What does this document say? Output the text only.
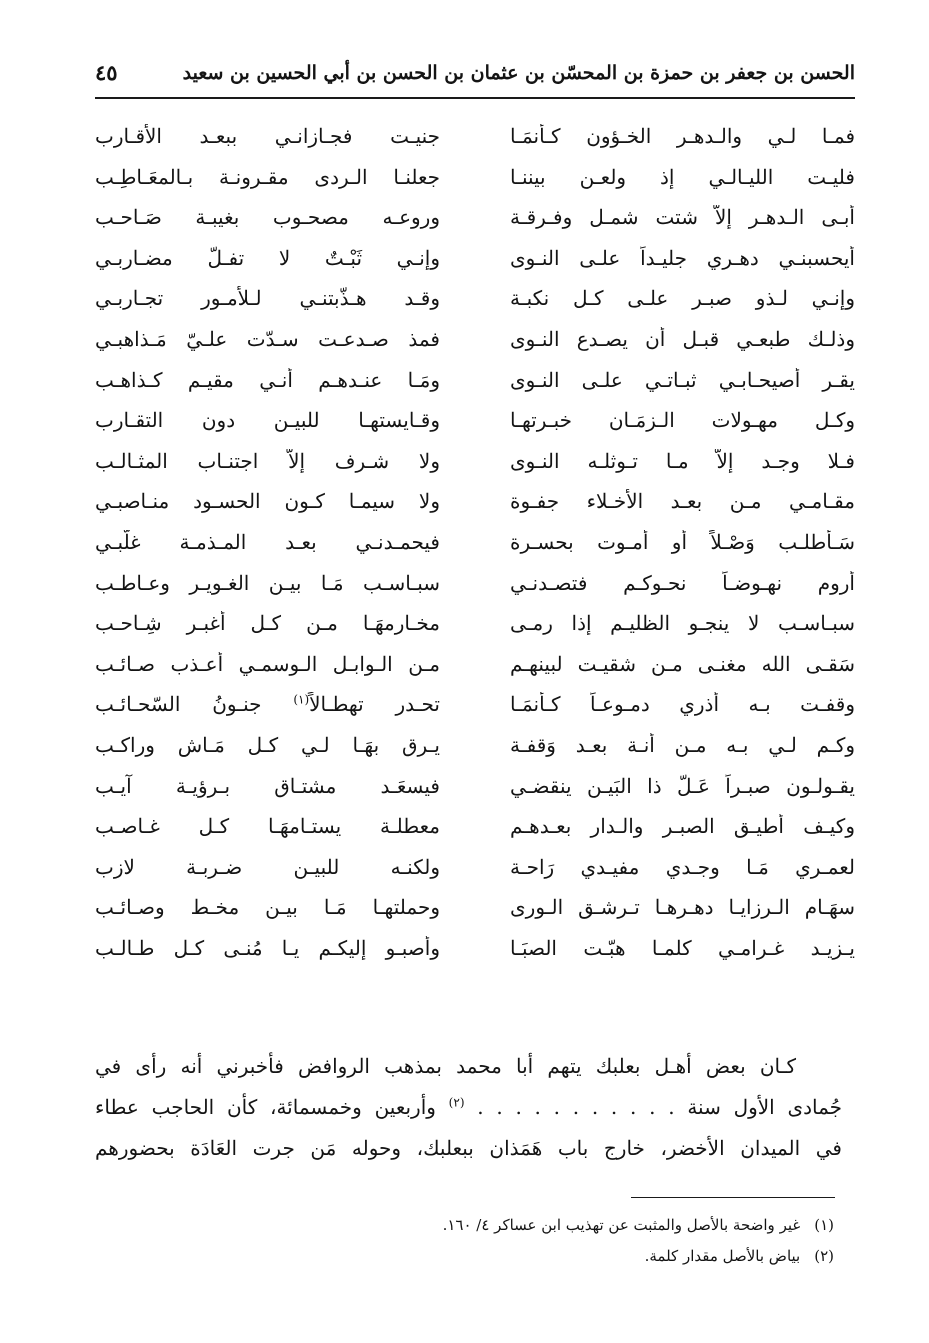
الحسن بن جعفر بن حمزة بن المحسّن بن عثمان بن الحسن بن أبي الحسين بن سعيد
٤٥
فمـا لـي والـدهـر الخـؤون كـأنمَـا
جنيـت فجـازانـي ببعـد الأقـارب
فليـت الليـالـي إذ ولعـن بيننـا
جعلنـا الـردى مقـرونـة بـالمعَـاطِـب
أبـى الـدهـر إلاّ شتت شمـل وفـرقـة
وروعـه مصحـوب بغيبـة صَـاحـب
أيحسبنـي دهـري جليـداً علـى النـوى
وإنـي ثَبْـتٌ لا تفـلّ مضـاربـي
وإنـي لـذو صبـر علـى كـل نكبـة
وقـد هـذّبتنـي لـلأمـور تجـاربـي
وذلـك طبعـي قبـل أن يصـدع النـوى
فمذ صـدعـت سـدّت علـيّ مَـذاهبـي
يقـر أصيحـابـي ثبـاتـي علـى النـوى
ومَـا عنـدهـم أنـي مقيـم كـذاهـب
وكـل مهـولات الـزمَـان خبـرتهـا
وقـايستهـا للبيـن دون التقـارب
فـلا وجـد إلاّ مـا تـوثلـه النـوى
ولا شـرف إلاّ اجتنـاب المثـالـب
مقـامـي مـن بعـد الأخـلاء جفـوة
ولا سيمـا كـون الحسـود منـاصبـي
سَـأطلـب وَصْـلاً أو أمـوت بحسـرة
فيحمـدنـي بعـد المـذمـة غلّبـي
أروم نهـوضـاً نحـوكـم فتصـدنـي
سبـاسـب مَـا بيـن الغـويـر وعـاطـب
سبـاسـب لا ينجـو الظليـم إذا رمـى
مخـارمهَـا مـن كـل أغبـر شِـاحـب
سَقـى الله مغنـى مـن شقيـت لبينهـم
مـن الـوابـل الـوسمـي أعـذب صـائـب
وقفـت بـه أذري دمـوعـاً كـأنمَـا
تحـدر تهطـالاً$^{(١)}$ جنـونُ السّحـائـب
وكـم لـي بـه مـن أنـة بعـد وَقفـة
يـرق بهَـا لـي كـل مَـاش وراكـب
يقـولـون صبـراً عَـلّ ذا البَيـن ينقضـي
فيسعَـد مشتـاق بـرؤيـة آيـب
وكيـف أطيـق الصبـر والـدار بعـدهـم
معطلـة يستـامهَـا كـل غـاصـب
لعمـري مَـا وجـدي مفيـدي رَاحـة
ولكنـه للبيـن ضـربـة لازب
سهَـام الـرزايـا دهـرهـا تـرشـق الـورى
وحملتهـا مَـا بيـن مخـط وصـائـب
يـزيـد غـرامـي كلمـا هبّـت الصبَـا
وأصبـو إليكـم يـا مُنـى كـل طـالـب
كـان بعض أهـل بعلبك يتهم أبا محمد بمذهب الروافض فأخبرني أنه رأى في
جُمادى الأول سنة . . . . . . . . . . . $^{(٢)}$ وأربعين وخمسمائة، كأن الحاجب عطاء
في الميدان الأخضر، خارج باب هَمَذان ببعلبك، وحوله مَن جرت العَادَة بحضورهم
(١)غير واضحة بالأصل والمثبت عن تهذيب ابن عساكر ٤/ ١٦٠.
(٢)بياض بالأصل مقدار كلمة.
